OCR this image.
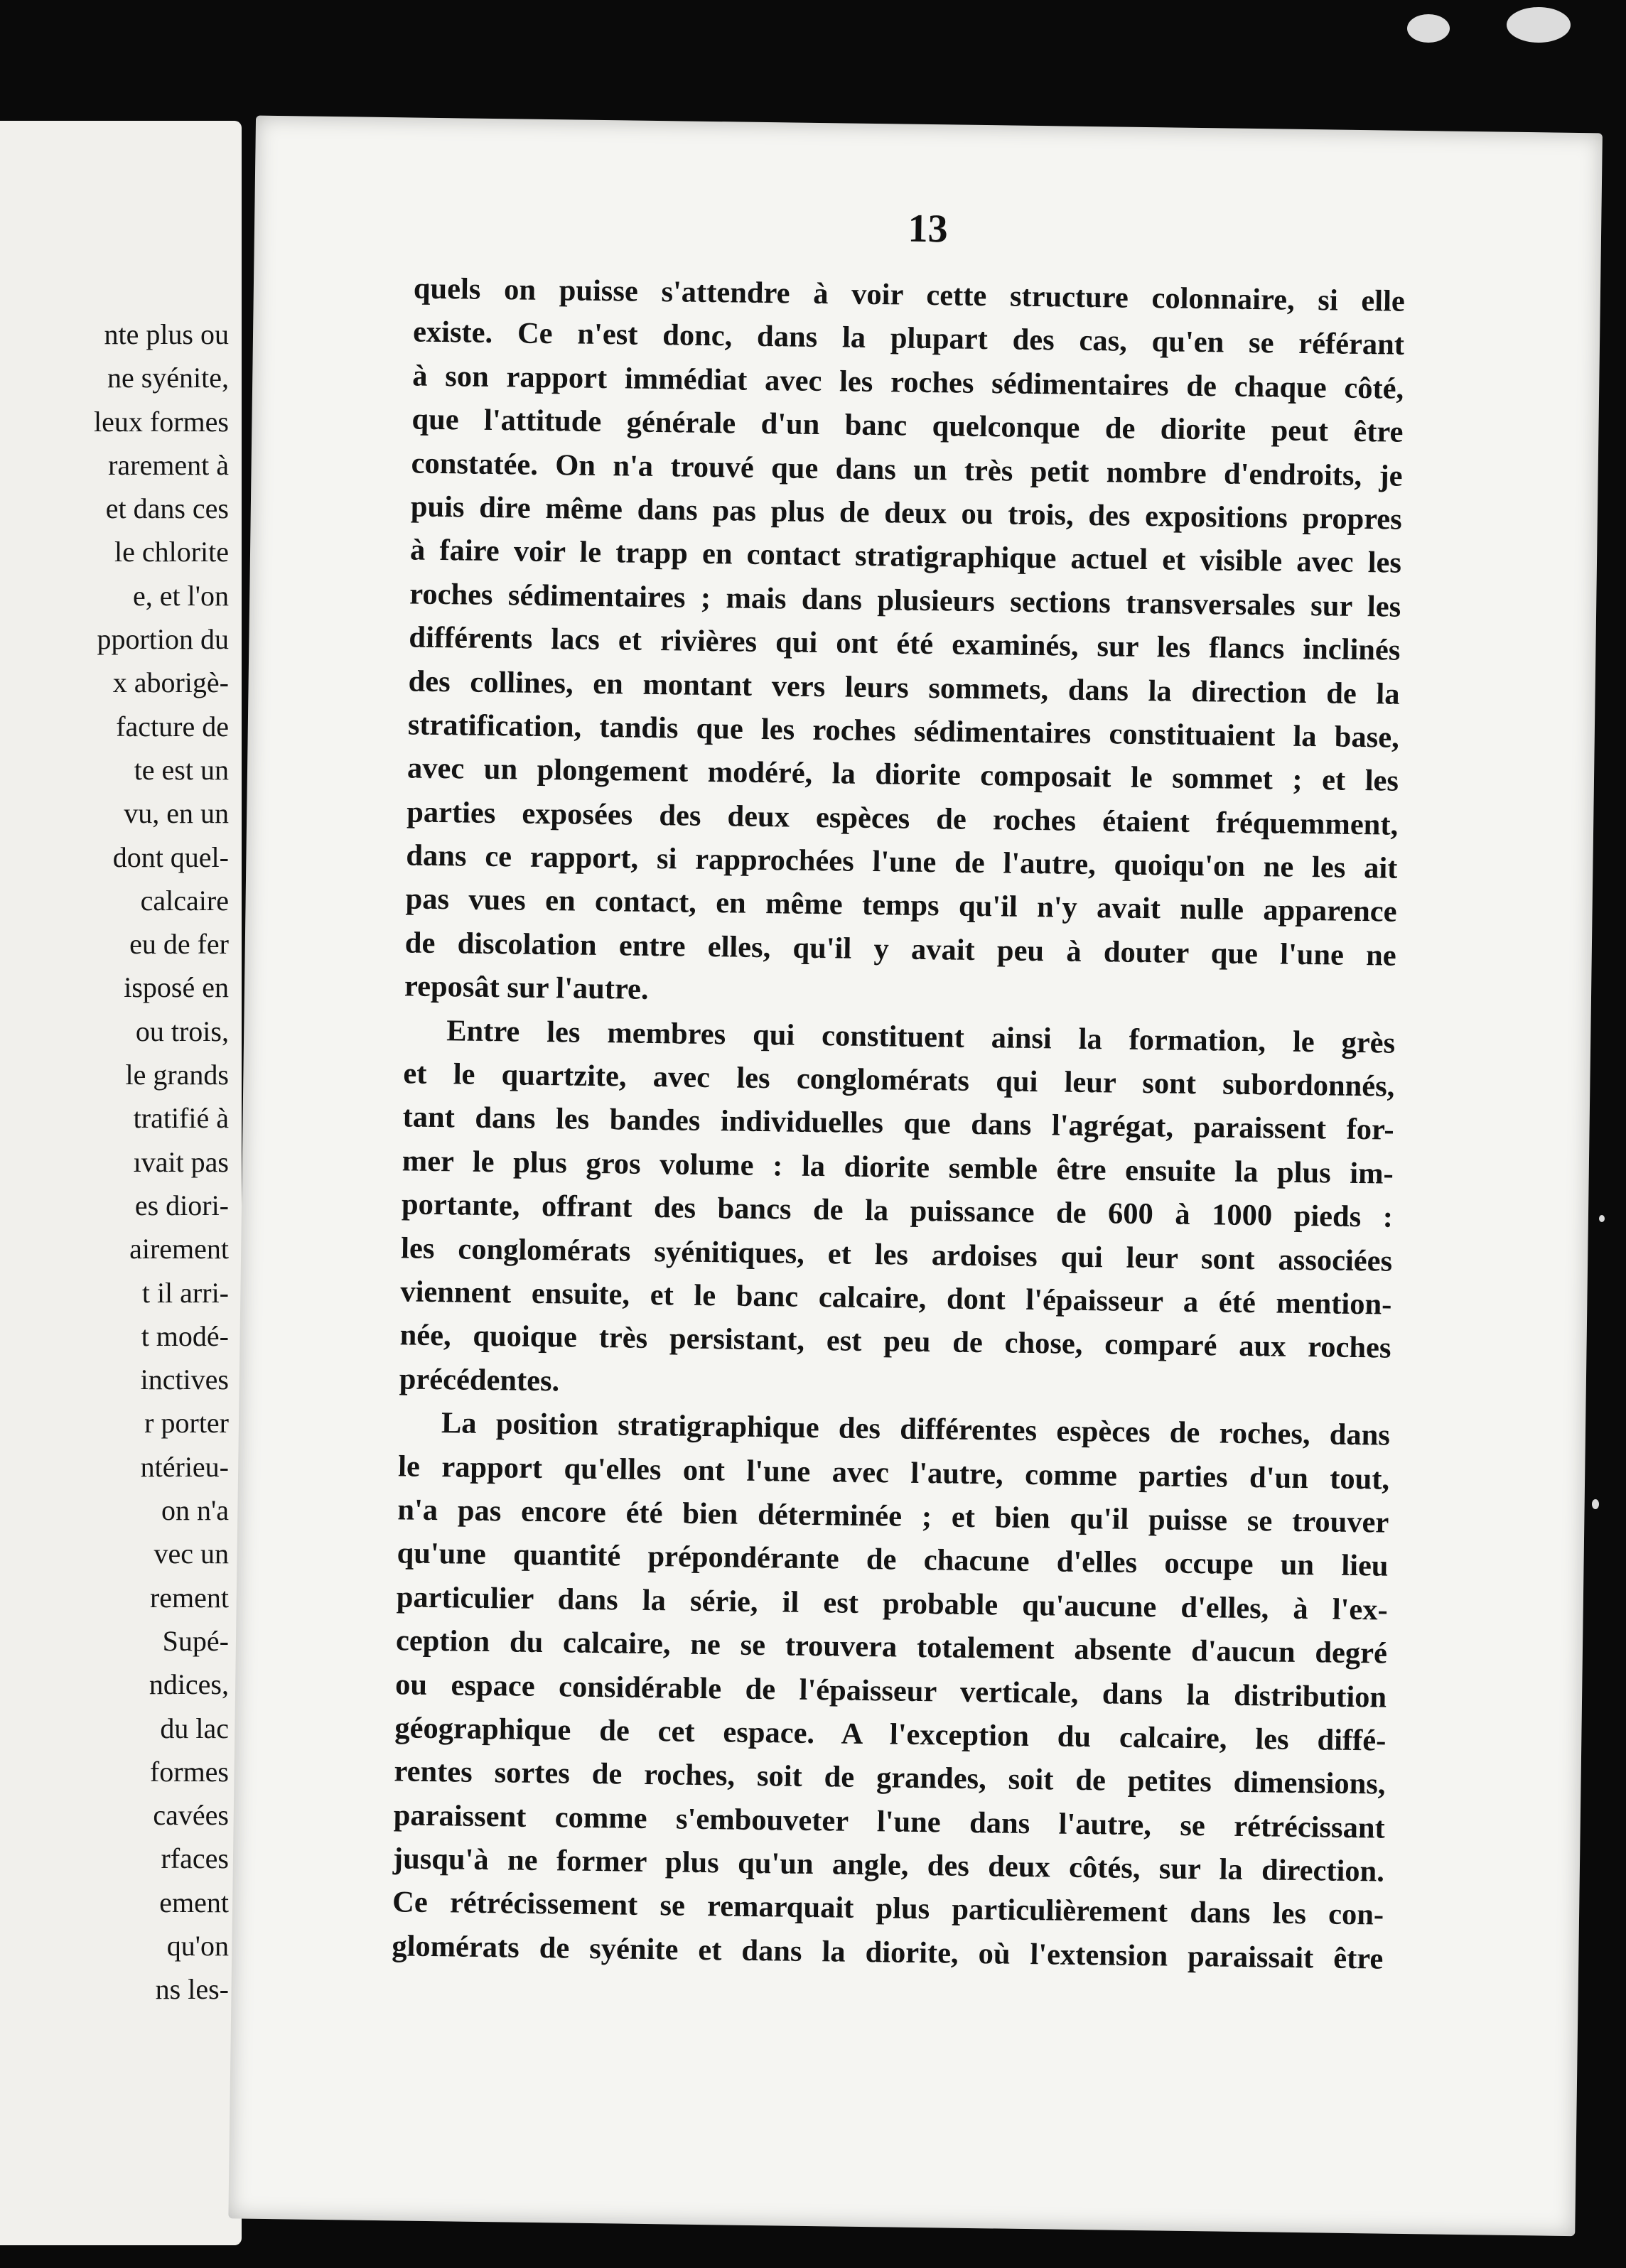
nte plus ou
ne syénite,
leux formes
rarement à
et dans ces
le chlorite
e, et l'on
pportion du
x aborigè-
facture de
te est un
vu, en un
dont quel-
calcaire
eu de fer
isposé en
ou trois,
le grands
tratifié à
ıvait pas
es diori-
airement
t il arri-
t modé-
inctives
r porter
ntérieu-
on n'a
vec un
rement
Supé-
ndices,
du lac
formes
cavées
rfaces
ement
qu'on
ns les-
13
quels on puisse s'attendre à voir cette structure colonnaire, si elle
existe. Ce n'est donc, dans la plupart des cas, qu'en se référant
à son rapport immédiat avec les roches sédimentaires de chaque côté,
que l'attitude générale d'un banc quelconque de diorite peut être
constatée. On n'a trouvé que dans un très petit nombre d'endroits, je
puis dire même dans pas plus de deux ou trois, des expositions propres
à faire voir le trapp en contact stratigraphique actuel et visible avec les
roches sédimentaires ; mais dans plusieurs sections transversales sur les
différents lacs et rivières qui ont été examinés, sur les flancs inclinés
des collines, en montant vers leurs sommets, dans la direction de la
stratification, tandis que les roches sédimentaires constituaient la base,
avec un plongement modéré, la diorite composait le sommet ; et les
parties exposées des deux espèces de roches étaient fréquemment,
dans ce rapport, si rapprochées l'une de l'autre, quoiqu'on ne les ait
pas vues en contact, en même temps qu'il n'y avait nulle apparence
de discolation entre elles, qu'il y avait peu à douter que l'une ne
reposât sur l'autre.
Entre les membres qui constituent ainsi la formation, le grès
et le quartzite, avec les conglomérats qui leur sont subordonnés,
tant dans les bandes individuelles que dans l'agrégat, paraissent for-
mer le plus gros volume : la diorite semble être ensuite la plus im-
portante, offrant des bancs de la puissance de 600 à 1000 pieds :
les conglomérats syénitiques, et les ardoises qui leur sont associées
viennent ensuite, et le banc calcaire, dont l'épaisseur a été mention-
née, quoique très persistant, est peu de chose, comparé aux roches
précédentes.
La position stratigraphique des différentes espèces de roches, dans
le rapport qu'elles ont l'une avec l'autre, comme parties d'un tout,
n'a pas encore été bien déterminée ; et bien qu'il puisse se trouver
qu'une quantité prépondérante de chacune d'elles occupe un lieu
particulier dans la série, il est probable qu'aucune d'elles, à l'ex-
ception du calcaire, ne se trouvera totalement absente d'aucun degré
ou espace considérable de l'épaisseur verticale, dans la distribution
géographique de cet espace. A l'exception du calcaire, les diffé-
rentes sortes de roches, soit de grandes, soit de petites dimensions,
paraissent comme s'embouveter l'une dans l'autre, se rétrécissant
jusqu'à ne former plus qu'un angle, des deux côtés, sur la direction.
Ce rétrécissement se remarquait plus particulièrement dans les con-
glomérats de syénite et dans la diorite, où l'extension paraissait être
